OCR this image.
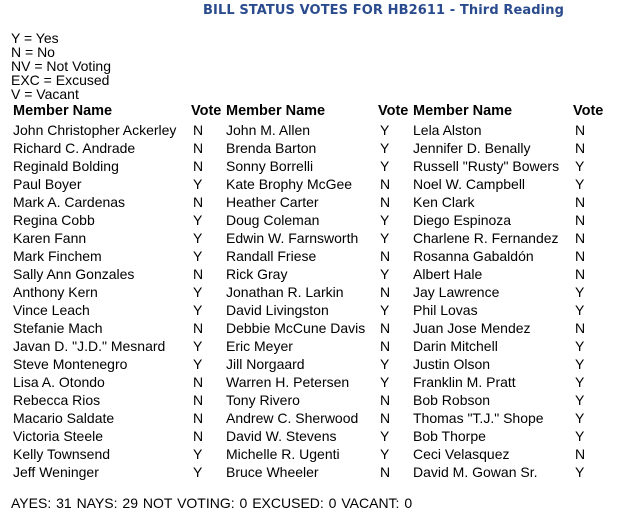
BILL STATUS VOTES FOR HB2611 - Third Reading
Y = Yes
N = No
NV = Not Voting
EXC = Excused
V = Vacant
Member Name	Vote	Member Name	Vote	Member Name	Vote
John Christopher Ackerley	N	John M. Allen	Y	Lela Alston	N
Richard C. Andrade	N	Brenda Barton	Y	Jennifer D. Benally	N
Reginald Bolding	N	Sonny Borrelli	Y	Russell "Rusty" Bowers	Y
Paul Boyer	Y	Kate Brophy McGee	N	Noel W. Campbell	Y
Mark A. Cardenas	N	Heather Carter	N	Ken Clark	N
Regina Cobb	Y	Doug Coleman	Y	Diego Espinoza	N
Karen Fann	Y	Edwin W. Farnsworth	Y	Charlene R. Fernandez	N
Mark Finchem	Y	Randall Friese	N	Rosanna Gabaldón	N
Sally Ann Gonzales	N	Rick Gray	Y	Albert Hale	N
Anthony Kern	Y	Jonathan R. Larkin	N	Jay Lawrence	Y
Vince Leach	Y	David Livingston	Y	Phil Lovas	Y
Stefanie Mach	N	Debbie McCune Davis	N	Juan Jose Mendez	N
Javan D. "J.D." Mesnard	Y	Eric Meyer	N	Darin Mitchell	Y
Steve Montenegro	Y	Jill Norgaard	Y	Justin Olson	Y
Lisa A. Otondo	N	Warren H. Petersen	Y	Franklin M. Pratt	Y
Rebecca Rios	N	Tony Rivero	N	Bob Robson	Y
Macario Saldate	N	Andrew C. Sherwood	N	Thomas "T.J." Shope	Y
Victoria Steele	N	David W. Stevens	Y	Bob Thorpe	Y
Kelly Townsend	Y	Michelle R. Ugenti	Y	Ceci Velasquez	N
Jeff Weninger	Y	Bruce Wheeler	N	David M. Gowan Sr.	Y
AYES: 31 NAYS: 29 NOT VOTING: 0 EXCUSED: 0 VACANT: 0
